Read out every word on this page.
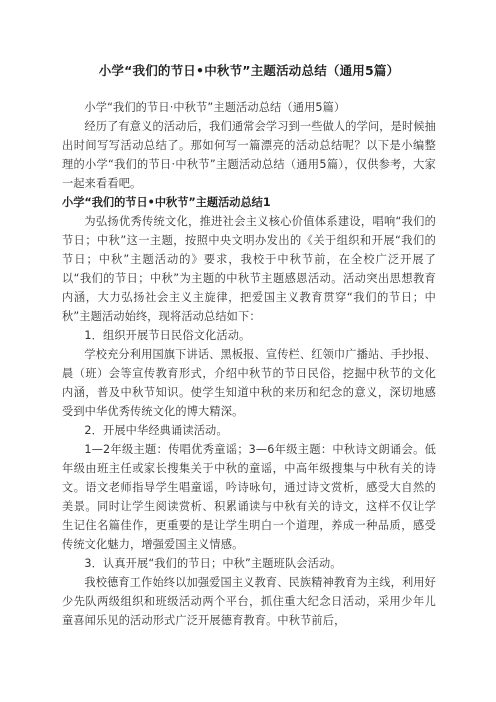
小学“我们的节日•中秋节”主题活动总结（通用5篇）

小学“我们的节日·中秋节”主题活动总结（通用5篇）

经历了有意义的活动后，我们通常会学习到一些做人的学问，是时候抽出时间写写活动总结了。那如何写一篇漂亮的活动总结呢？以下是小编整理的小学“我们的节日·中秋节”主题活动总结（通用5篇），仅供参考，大家一起来看看吧。

小学“我们的节日•中秋节”主题活动总结1

为弘扬优秀传统文化，推进社会主义核心价值体系建设，唱响“我们的节日；中秋”这一主题，按照中央文明办发出的《关于组织和开展“我们的节日；中秋”主题活动的》要求，我校于中秋节前，在全校广泛开展了以“我们的节日；中秋”为主题的中秋节主题感恩活动。活动突出思想教育内涵，大力弘扬社会主义主旋律，把爱国主义教育贯穿“我们的节日；中秋”主题活动始终，现将活动总结如下：

1．组织开展节日民俗文化活动。

学校充分利用国旗下讲话、黑板报、宣传栏、红领巾广播站、手抄报、晨（班）会等宣传教育形式，介绍中秋节的节日民俗，挖掘中秋节的文化内涵，普及中秋节知识。使学生知道中秋的来历和纪念的意义，深切地感受到中华优秀传统文化的博大精深。

2．开展中华经典诵读活动。

1—2年级主题：传唱优秀童谣；3—6年级主题：中秋诗文朗诵会。低年级由班主任或家长搜集关于中秋的童谣，中高年级搜集与中秋有关的诗文。语文老师指导学生唱童谣，吟诗咏句，通过诗文赏析，感受大自然的美景。同时让学生阅读赏析、积累诵读与中秋有关的诗文，这样不仅让学生记住名篇佳作，更重要的是让学生明白一个道理，养成一种品质，感受传统文化魅力，增强爱国主义情感。

3．认真开展“我们的节日；中秋”主题班队会活动。

我校德育工作始终以加强爱国主义教育、民族精神教育为主线，利用好少先队两级组织和班级活动两个平台，抓住重大纪念日活动，采用少年儿童喜闻乐见的活动形式广泛开展德育教育。中秋节前后，
